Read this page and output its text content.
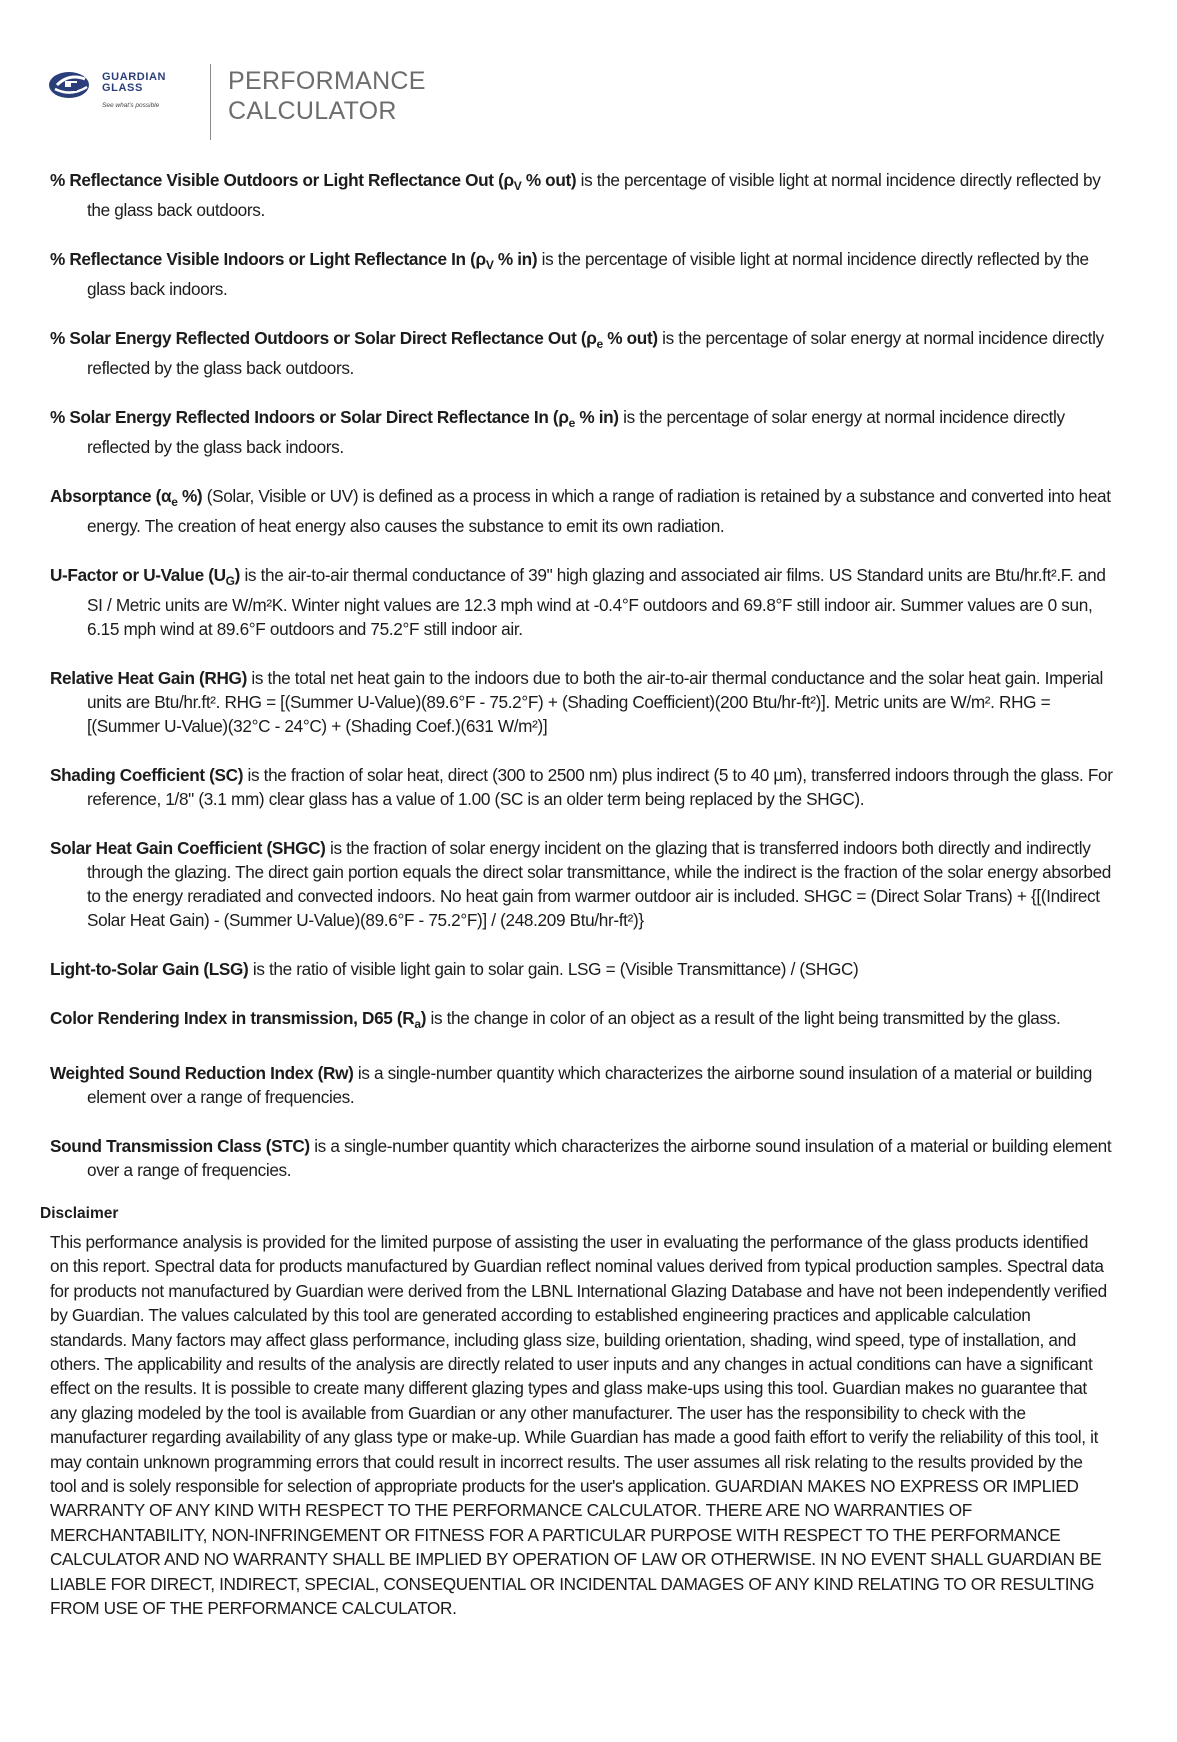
GUARDIAN
GLASS
See what's possible
PERFORMANCE
CALCULATOR

% Reflectance Visible Outdoors or Light Reflectance Out ($\rho_V$ % out) is the percentage of visible light at normal incidence directly reflected by the glass back outdoors.

% Reflectance Visible Indoors or Light Reflectance In ($\rho_V$ % in) is the percentage of visible light at normal incidence directly reflected by the glass back indoors.

% Solar Energy Reflected Outdoors or Solar Direct Reflectance Out ($\rho_e$ % out) is the percentage of solar energy at normal incidence directly reflected by the glass back outdoors.

% Solar Energy Reflected Indoors or Solar Direct Reflectance In ($\rho_e$ % in) is the percentage of solar energy at normal incidence directly reflected by the glass back indoors.

Absorptance ($\alpha_e$ %) (Solar, Visible or UV) is defined as a process in which a range of radiation is retained by a substance and converted into heat energy. The creation of heat energy also causes the substance to emit its own radiation.

U-Factor or U-Value $(U_G)$ is the air-to-air thermal conductance of 39" high glazing and associated air films. US Standard units are Btu/hr.ft².F. and SI / Metric units are W/m²K. Winter night values are 12.3 mph wind at -0.4°F outdoors and 69.8°F still indoor air. Summer values are 0 sun, 6.15 mph wind at 89.6°F outdoors and 75.2°F still indoor air.

Relative Heat Gain (RHG) is the total net heat gain to the indoors due to both the air-to-air thermal conductance and the solar heat gain. Imperial units are Btu/hr.ft². RHG = [(Summer U-Value)(89.6°F - 75.2°F) + (Shading Coefficient)(200 Btu/hr-ft²)]. Metric units are W/m². RHG = [(Summer U-Value)(32°C - 24°C) + (Shading Coef.)(631 W/m²)]

Shading Coefficient (SC) is the fraction of solar heat, direct (300 to 2500 nm) plus indirect (5 to 40 µm), transferred indoors through the glass. For reference, 1/8" (3.1 mm) clear glass has a value of 1.00 (SC is an older term being replaced by the SHGC).

Solar Heat Gain Coefficient (SHGC) is the fraction of solar energy incident on the glazing that is transferred indoors both directly and indirectly through the glazing. The direct gain portion equals the direct solar transmittance, while the indirect is the fraction of the solar energy absorbed to the energy reradiated and convected indoors. No heat gain from warmer outdoor air is included. SHGC = (Direct Solar Trans) + {[(Indirect Solar Heat Gain) - (Summer U-Value)(89.6°F - 75.2°F)] / (248.209 Btu/hr-ft²)}

Light-to-Solar Gain (LSG) is the ratio of visible light gain to solar gain. LSG = (Visible Transmittance) / (SHGC)

Color Rendering Index in transmission, D65 $(R_a)$ is the change in color of an object as a result of the light being transmitted by the glass.

Weighted Sound Reduction Index (Rw) is a single-number quantity which characterizes the airborne sound insulation of a material or building element over a range of frequencies.

Sound Transmission Class (STC) is a single-number quantity which characterizes the airborne sound insulation of a material or building element over a range of frequencies.

Disclaimer

This performance analysis is provided for the limited purpose of assisting the user in evaluating the performance of the glass products identified on this report. Spectral data for products manufactured by Guardian reflect nominal values derived from typical production samples. Spectral data for products not manufactured by Guardian were derived from the LBNL International Glazing Database and have not been independently verified by Guardian. The values calculated by this tool are generated according to established engineering practices and applicable calculation standards. Many factors may affect glass performance, including glass size, building orientation, shading, wind speed, type of installation, and others. The applicability and results of the analysis are directly related to user inputs and any changes in actual conditions can have a significant effect on the results. It is possible to create many different glazing types and glass make-ups using this tool. Guardian makes no guarantee that any glazing modeled by the tool is available from Guardian or any other manufacturer. The user has the responsibility to check with the manufacturer regarding availability of any glass type or make-up. While Guardian has made a good faith effort to verify the reliability of this tool, it may contain unknown programming errors that could result in incorrect results. The user assumes all risk relating to the results provided by the tool and is solely responsible for selection of appropriate products for the user's application. GUARDIAN MAKES NO EXPRESS OR IMPLIED WARRANTY OF ANY KIND WITH RESPECT TO THE PERFORMANCE CALCULATOR. THERE ARE NO WARRANTIES OF MERCHANTABILITY, NON-INFRINGEMENT OR FITNESS FOR A PARTICULAR PURPOSE WITH RESPECT TO THE PERFORMANCE CALCULATOR AND NO WARRANTY SHALL BE IMPLIED BY OPERATION OF LAW OR OTHERWISE. IN NO EVENT SHALL GUARDIAN BE LIABLE FOR DIRECT, INDIRECT, SPECIAL, CONSEQUENTIAL OR INCIDENTAL DAMAGES OF ANY KIND RELATING TO OR RESULTING FROM USE OF THE PERFORMANCE CALCULATOR.
